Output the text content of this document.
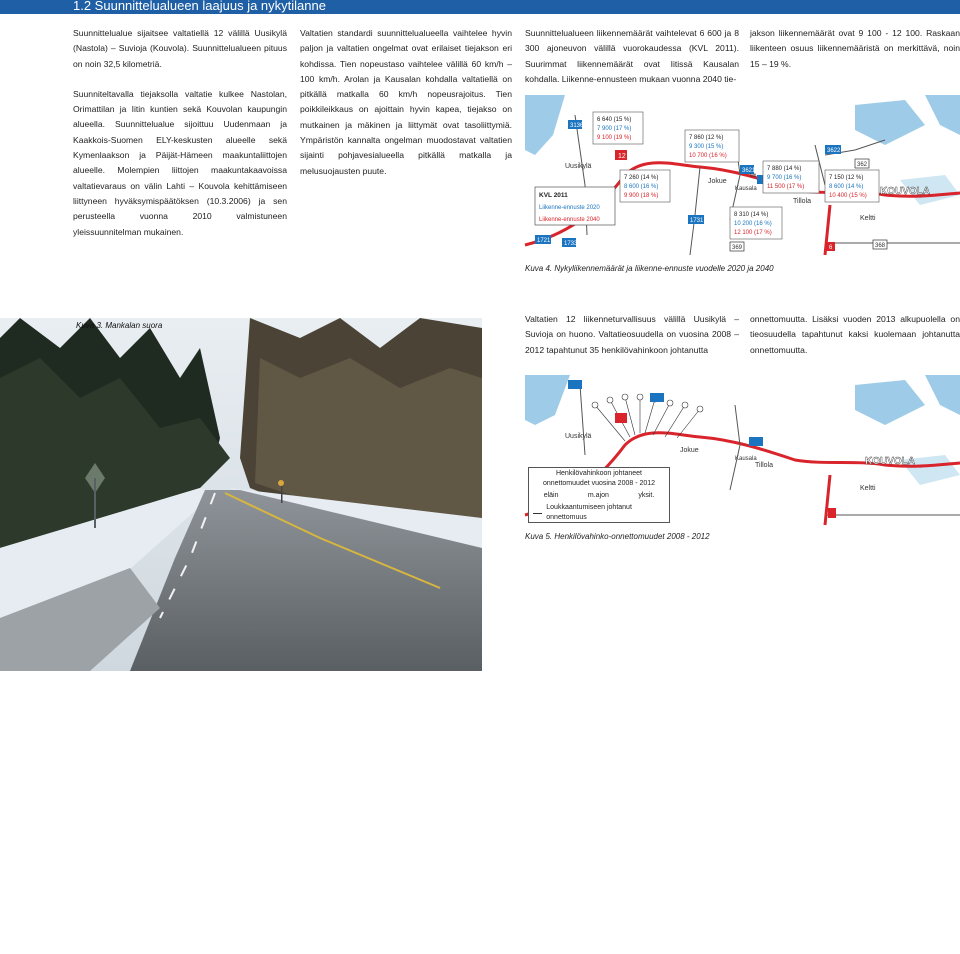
1.2 Suunnittelualueen laajuus ja nykytilanne

Suunnittelualue sijaitsee valtatiellä 12 välillä Uusikylä (Nastola) – Suvioja (Kouvola). Suunnittelualueen pituus on noin 32,5 kilometriä.

Suunniteltavalla tiejaksolla valtatie kulkee Nastolan, Orimattilan ja Iitin kuntien sekä Kouvolan kaupungin alueella. Suunnittelualue sijoittuu Uudenmaan ja Kaakkois-Suomen ELY-keskusten alueelle sekä Kymenlaakson ja Päijät-Hämeen maakuntaliittojen alueelle. Molempien liittojen maakuntakaavoissa valtatievaraus on välin Lahti – Kouvola kehittämiseen liittyneen hyväksymispäätöksen (10.3.2006) ja sen perusteella vuonna 2010 valmistuneen yleissuunnitelman mukainen.

Valtatien standardi suunnittelualueella vaihtelee hyvin paljon ja valtatien ongelmat ovat erilaiset tiejakson eri kohdissa. Tien nopeustaso vaihtelee välillä 60 km/h – 100 km/h. Arolan ja Kausalan kohdalla valtatiellä on pitkällä matkalla 60 km/h nopeusrajoitus. Tien poikkileikkaus on ajoittain hyvin kapea, tiejakso on mutkainen ja mäkinen ja liittymät ovat tasoliittymiä. Ympäristön kannalta ongelman muodostavat valtatien sijainti pohjavesialueella pitkällä matkalla ja melusuojausten puute.

Suunnittelualueen liikennemäärät vaihtelevat 6 600 ja 8 300 ajoneuvon välillä vuorokaudessa (KVL 2011). Suurimmat liikennemäärät ovat Iitissä Kausalan kohdalla. Liikenne-ennusteen mukaan vuonna 2040 tie-

jakson liikennemäärät ovat 9 100 - 12 100. Raskaan liikenteen osuus liikennemääristä on merkittävä, noin 15 – 19 %.

3136
1731
1721 1733
3621
3622
362
369	368
12
6
Uusikylä
Jokue
Kausala
Tillola
KOUVOLA
Keltti
Iitti
KVL 2011
Liikenne-ennuste 2020
Liikenne-ennuste 2040
6 640 (15 %)
7 900 (17 %)
9 100 (19 %)
7 260 (14 %)
8 600 (16 %)
9 900 (18 %)
7 860 (12 %)
9 300 (15 %)
10 700 (16 %)
7 880 (14 %)
9 700 (16 %)
11 500 (17 %)
8 310 (14 %)
10 200 (16 %)
12 100 (17 %)
7 150 (12 %)
8 600 (14 %)
10 400 (15 %)
Kuva 4. Nykyliikennemäärät ja liikenne-ennuste vuodelle 2020 ja 2040
4
Kuva 3. Mankalan suora

Valtatien 12 liikenneturvallisuus välillä Uusikylä – Suvioja on huono. Valtatieosuudella on vuosina 2008 – 2012 tapahtunut 35 henkilövahinkoon johtanutta

onnettomuutta. Lisäksi vuoden 2013 alkupuolella on tieosuudella tapahtunut kaksi kuolemaan johtanutta onnettomuutta.

Uusikylä
Jokue
Kausala
Tillola	KOUVOLA
Keltti
Henkilövahinkoon johtaneet onnettomuudet vuosina 2008 - 2012
eläin	m.ajon	yksit.
Loukkaantumiseen johtanut onnettomuus
Kuva 5. Henkilövahinko-onnettomuudet 2008 - 2012
